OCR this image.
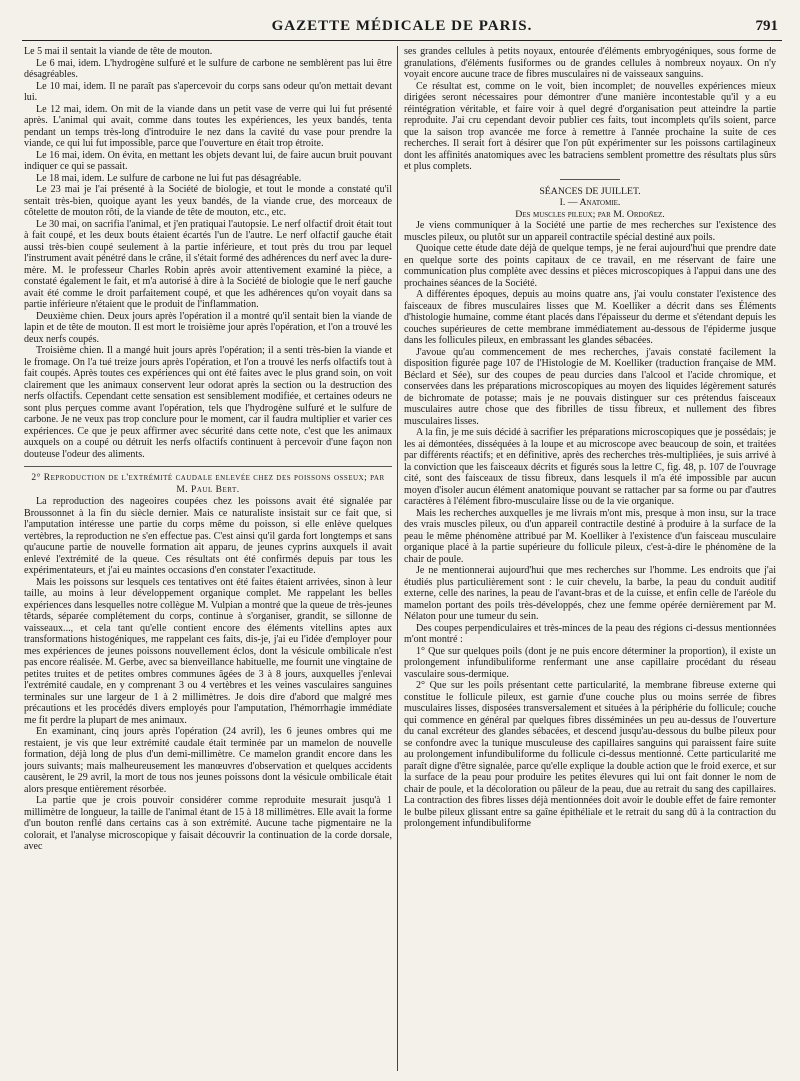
GAZETTE MÉDICALE DE PARIS.	791

Le 5 mai il sentait la viande de tête de mouton.

Le 6 mai, idem. L'hydrogène sulfuré et le sulfure de carbone ne semblèrent pas lui être désagréables.

Le 10 mai, idem. Il ne paraît pas s'apercevoir du corps sans odeur qu'on mettait devant lui.

Le 12 mai, idem. On mit de la viande dans un petit vase de verre qui lui fut présenté après. L'animal qui avait, comme dans toutes les expériences, les yeux bandés, tenta pendant un temps très-long d'introduire le nez dans la cavité du vase pour prendre la viande, ce qui lui fut impossible, parce que l'ouverture en était trop étroite.

Le 16 mai, idem. On évita, en mettant les objets devant lui, de faire aucun bruit pouvant indiquer ce qui se passait.

Le 18 mai, idem. Le sulfure de carbone ne lui fut pas désagréable.

Le 23 mai je l'ai présenté à la Société de biologie, et tout le monde a constaté qu'il sentait très-bien, quoique ayant les yeux bandés, de la viande crue, des morceaux de côtelette de mouton rôti, de la viande de tête de mouton, etc., etc.

Le 30 mai, on sacrifia l'animal, et j'en pratiquai l'autopsie. Le nerf olfactif droit était tout à fait coupé, et les deux bouts étaient écartés l'un de l'autre. Le nerf olfactif gauche était aussi très-bien coupé seulement à la partie inférieure, et tout près du trou par lequel l'instrument avait pénétré dans le crâne, il s'était formé des adhérences du nerf avec la dure-mère. M. le professeur Charles Robin après avoir attentivement examiné la pièce, a constaté également le fait, et m'a autorisé à dire à la Société de biologie que le nerf gauche avait été comme le droit parfaitement coupé, et que les adhérences qu'on voyait dans sa partie inférieure n'étaient que le produit de l'inflammation.

Deuxième chien. Deux jours après l'opération il a montré qu'il sentait bien la viande de lapin et de tête de mouton. Il est mort le troisième jour après l'opération, et l'on a trouvé les deux nerfs coupés.

Troisième chien. Il a mangé huit jours après l'opération; il a senti très-bien la viande et le fromage. On l'a tué treize jours après l'opération, et l'on a trouvé les nerfs olfactifs tout à fait coupés. Après toutes ces expériences qui ont été faites avec le plus grand soin, on voit clairement que les animaux conservent leur odorat après la section ou la destruction des nerfs olfactifs. Cependant cette sensation est sensiblement modifiée, et certaines odeurs ne sont plus perçues comme avant l'opération, tels que l'hydrogène sulfuré et le sulfure de carbone. Je ne veux pas trop conclure pour le moment, car il faudra multiplier et varier ces expériences. Ce que je peux affirmer avec sécurité dans cette note, c'est que les animaux auxquels on a coupé ou détruit les nerfs olfactifs continuent à percevoir d'une façon non douteuse l'odeur des aliments.

2° Reproduction de l'extrémité caudale enlevée chez des poissons osseux; par M. Paul Bert.

La reproduction des nageoires coupées chez les poissons avait été signalée par Broussonnet à la fin du siècle dernier. Mais ce naturaliste insistait sur ce fait que, si l'amputation intéresse une partie du corps même du poisson, si elle enlève quelques vertèbres, la reproduction ne s'en effectue pas. C'est ainsi qu'il garda fort longtemps et sans qu'aucune partie de nouvelle formation ait apparu, de jeunes cyprins auxquels il avait enlevé l'extrémité de la queue. Ces résultats ont été confirmés depuis par tous les expérimentateurs, et j'ai eu maintes occasions d'en constater l'exactitude.

Mais les poissons sur lesquels ces tentatives ont été faites étaient arrivées, sinon à leur taille, au moins à leur développement organique complet. Me rappelant les belles expériences dans lesquelles notre collègue M. Vulpian a montré que la queue de très-jeunes têtards, séparée complétement du corps, continue à s'organiser, grandit, se sillonne de vaisseaux..., et cela tant qu'elle contient encore des éléments vitellins aptes aux transformations histogéniques, me rappelant ces faits, dis-je, j'ai eu l'idée d'employer pour mes expériences de jeunes poissons nouvellement éclos, dont la vésicule ombilicale n'est pas encore réalisée. M. Gerbe, avec sa bienveillance habituelle, me fournit une vingtaine de petites truites et de petites ombres communes âgées de 3 à 8 jours, auxquelles j'enlevai l'extrémité caudale, en y comprenant 3 ou 4 vertèbres et les veines vasculaires sanguines terminales sur une largeur de 1 à 2 millimètres. Je dois dire d'abord que malgré mes précautions et les procédés divers employés pour l'amputation, l'hémorrhagie immédiate me fit perdre la plupart de mes animaux.

En examinant, cinq jours après l'opération (24 avril), les 6 jeunes ombres qui me restaient, je vis que leur extrémité caudale était terminée par un mamelon de nouvelle formation, déjà long de plus d'un demi-millimètre. Ce mamelon grandit encore dans les jours suivants; mais malheureusement les manœuvres d'observation et quelques accidents causèrent, le 29 avril, la mort de tous nos jeunes poissons dont la vésicule ombilicale était alors presque entièrement résorbée.

La partie que je crois pouvoir considérer comme reproduite mesurait jusqu'à 1 millimètre de longueur, la taille de l'animal étant de 15 à 18 millimètres. Elle avait la forme d'un bouton renflé dans certains cas à son extrémité. Aucune tache pigmentaire ne la colorait, et l'analyse microscopique y faisait découvrir la continuation de la corde dorsale, avec

ses grandes cellules à petits noyaux, entourée d'éléments embryogéniques, sous forme de granulations, d'éléments fusiformes ou de grandes cellules à nombreux noyaux. On n'y voyait encore aucune trace de fibres musculaires ni de vaisseaux sanguins.

Ce résultat est, comme on le voit, bien incomplet; de nouvelles expériences mieux dirigées seront nécessaires pour démontrer d'une manière incontestable qu'il y a eu réintégration véritable, et faire voir à quel degré d'organisation peut atteindre la partie reproduite. J'ai cru cependant devoir publier ces faits, tout incomplets qu'ils soient, parce que la saison trop avancée me force à remettre à l'année prochaine la suite de ces recherches. Il serait fort à désirer que l'on pût expérimenter sur les poissons cartilagineux dont les affinités anatomiques avec les batraciens semblent promettre des résultats plus sûrs et plus complets.

SÉANCES DE JUILLET.

I. — Anatomie.

Des muscles pileux; par M. Ordoñez.

Je viens communiquer à la Société une partie de mes recherches sur l'existence des muscles pileux, ou plutôt sur un appareil contractile spécial destiné aux poils.

Quoique cette étude date déjà de quelque temps, je ne ferai aujourd'hui que prendre date en quelque sorte des points capitaux de ce travail, en me réservant de faire une communication plus complète avec dessins et pièces microscopiques à l'appui dans une des prochaines séances de la Société.

A différentes époques, depuis au moins quatre ans, j'ai voulu constater l'existence des faisceaux de fibres musculaires lisses que M. Koelliker a décrit dans ses Éléments d'histologie humaine, comme étant placés dans l'épaisseur du derme et s'étendant depuis les couches supérieures de cette membrane immédiatement au-dessous de l'épiderme jusque dans les follicules pileux, en embrassant les glandes sébacées.

J'avoue qu'au commencement de mes recherches, j'avais constaté facilement la disposition figurée page 107 de l'Histologie de M. Koelliker (traduction française de MM. Béclard et Sée), sur des coupes de peau durcies dans l'alcool et l'acide chromique, et conservées dans les préparations microscopiques au moyen des liquides légèrement saturés de bichromate de potasse; mais je ne pouvais distinguer sur ces prétendus faisceaux musculaires autre chose que des fibrilles de tissu fibreux, et nullement des fibres musculaires lisses.

A la fin, je me suis décidé à sacrifier les préparations microscopiques que je possédais; je les ai démontées, disséquées à la loupe et au microscope avec beaucoup de soin, et traitées par différents réactifs; et en définitive, après des recherches très-multipliées, je suis arrivé à la conviction que les faisceaux décrits et figurés sous la lettre C, fig. 48, p. 107 de l'ouvrage cité, sont des faisceaux de tissu fibreux, dans lesquels il m'a été impossible par aucun moyen d'isoler aucun élément anatomique pouvant se rattacher par sa forme ou par d'autres caractères à l'élément fibro-musculaire lisse ou de la vie organique.

Mais les recherches auxquelles je me livrais m'ont mis, presque à mon insu, sur la trace des vrais muscles pileux, ou d'un appareil contractile destiné à produire à la surface de la peau le même phénomène attribué par M. Koelliker à l'existence d'un faisceau musculaire organique placé à la partie supérieure du follicule pileux, c'est-à-dire le phénomène de la chair de poule.

Je ne mentionnerai aujourd'hui que mes recherches sur l'homme. Les endroits que j'ai étudiés plus particulièrement sont : le cuir chevelu, la barbe, la peau du conduit auditif externe, celle des narines, la peau de l'avant-bras et de la cuisse, et enfin celle de l'aréole du mamelon portant des poils très-développés, chez une femme opérée dernièrement par M. Nélaton pour une tumeur du sein.

Des coupes perpendiculaires et très-minces de la peau des régions ci-dessus mentionnées m'ont montré :

1° Que sur quelques poils (dont je ne puis encore déterminer la proportion), il existe un prolongement infundibuliforme renfermant une anse capillaire procédant du réseau vasculaire sous-dermique.

2° Que sur les poils présentant cette particularité, la membrane fibreuse externe qui constitue le follicule pileux, est garnie d'une couche plus ou moins serrée de fibres musculaires lisses, disposées transversalement et situées à la périphérie du follicule; couche qui commence en général par quelques fibres disséminées un peu au-dessus de l'ouverture du canal excréteur des glandes sébacées, et descend jusqu'au-dessous du bulbe pileux pour se confondre avec la tunique musculeuse des capillaires sanguins qui paraissent faire suite au prolongement infundibuliforme du follicule ci-dessus mentionné. Cette particularité me paraît digne d'être signalée, parce qu'elle explique la double action que le froid exerce, et sur la surface de la peau pour produire les petites élevures qui lui ont fait donner le nom de chair de poule, et la décoloration ou pâleur de la peau, due au retrait du sang des capillaires. La contraction des fibres lisses déjà mentionnées doit avoir le double effet de faire remonter le bulbe pileux glissant entre sa gaîne épithéliale et le retrait du sang dû à la contraction du prolongement infundibuliforme
